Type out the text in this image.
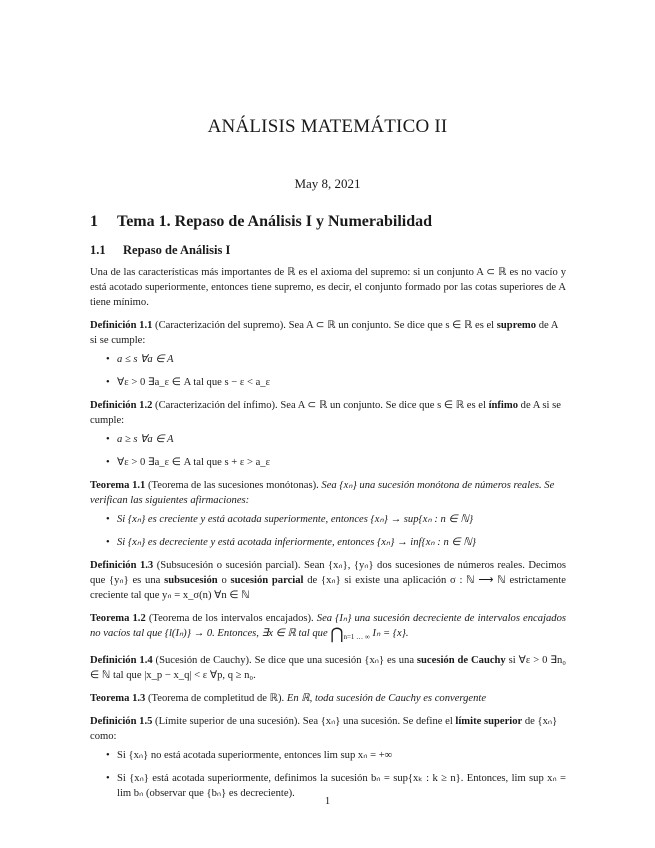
ANÁLISIS MATEMÁTICO II
May 8, 2021
1 Tema 1. Repaso de Análisis I y Numerabilidad
1.1 Repaso de Análisis I

Una de las características más importantes de ℝ es el axioma del supremo: si un conjunto A ⊂ ℝ es no vacío y está acotado superiormente, entonces tiene supremo, es decir, el conjunto formado por las cotas superiores de A tiene mínimo.

Definición 1.1 (Caracterización del supremo). Sea A ⊂ ℝ un conjunto. Se dice que s ∈ ℝ es el supremo de A si se cumple:
• a ≤ s ∀a ∈ A
• ∀ε > 0 ∃a_ε ∈ A tal que s − ε < a_ε
Definición 1.2 (Caracterización del ínfimo). Sea A ⊂ ℝ un conjunto. Se dice que s ∈ ℝ es el ínfimo de A si se cumple:
• a ≥ s ∀a ∈ A
• ∀ε > 0 ∃a_ε ∈ A tal que s + ε > a_ε
Teorema 1.1 (Teorema de las sucesiones monótonas). Sea {xₙ} una sucesión monótona de números reales. Se verifican las siguientes afirmaciones:
• Si {xₙ} es creciente y está acotada superiormente, entonces {xₙ} → sup{xₙ : n ∈ ℕ}
• Si {xₙ} es decreciente y está acotada inferiormente, entonces {xₙ} → inf{xₙ : n ∈ ℕ}

Definición 1.3 (Subsucesión o sucesión parcial). Sean {xₙ}, {yₙ} dos sucesiones de números reales. Decimos que {yₙ} es una subsucesión o sucesión parcial de {xₙ} si existe una aplicación σ : ℕ ⟶ ℕ estrictamente creciente tal que yₙ = x_σ(n) ∀n ∈ ℕ

Teorema 1.2 (Teorema de los intervalos encajados). Sea {Iₙ} una sucesión decreciente de intervalos encajados no vacíos tal que {l(Iₙ)} → 0. Entonces, ∃x ∈ ℝ tal que $⋂_{n=1 \dots \infty}$ Iₙ = {x}.

Definición 1.4 (Sucesión de Cauchy). Se dice que una sucesión {xₙ} es una sucesión de Cauchy si ∀ε > 0 ∃n₀ ∈ ℕ tal que |x_p − x_q| < ε ∀p, q ≥ n₀.

Teorema 1.3 (Teorema de completitud de ℝ). En ℝ, toda sucesión de Cauchy es convergente

Definición 1.5 (Límite superior de una sucesión). Sea {xₙ} una sucesión. Se define el límite superior de {xₙ} como:
• Si {xₙ} no está acotada superiormente, entonces lim sup xₙ = +∞
• Si {xₙ} está acotada superiormente, definimos la sucesión bₙ = sup{xₖ : k ≥ n}. Entonces, lim sup xₙ = lim bₙ (observar que {bₙ} es decreciente).
1
